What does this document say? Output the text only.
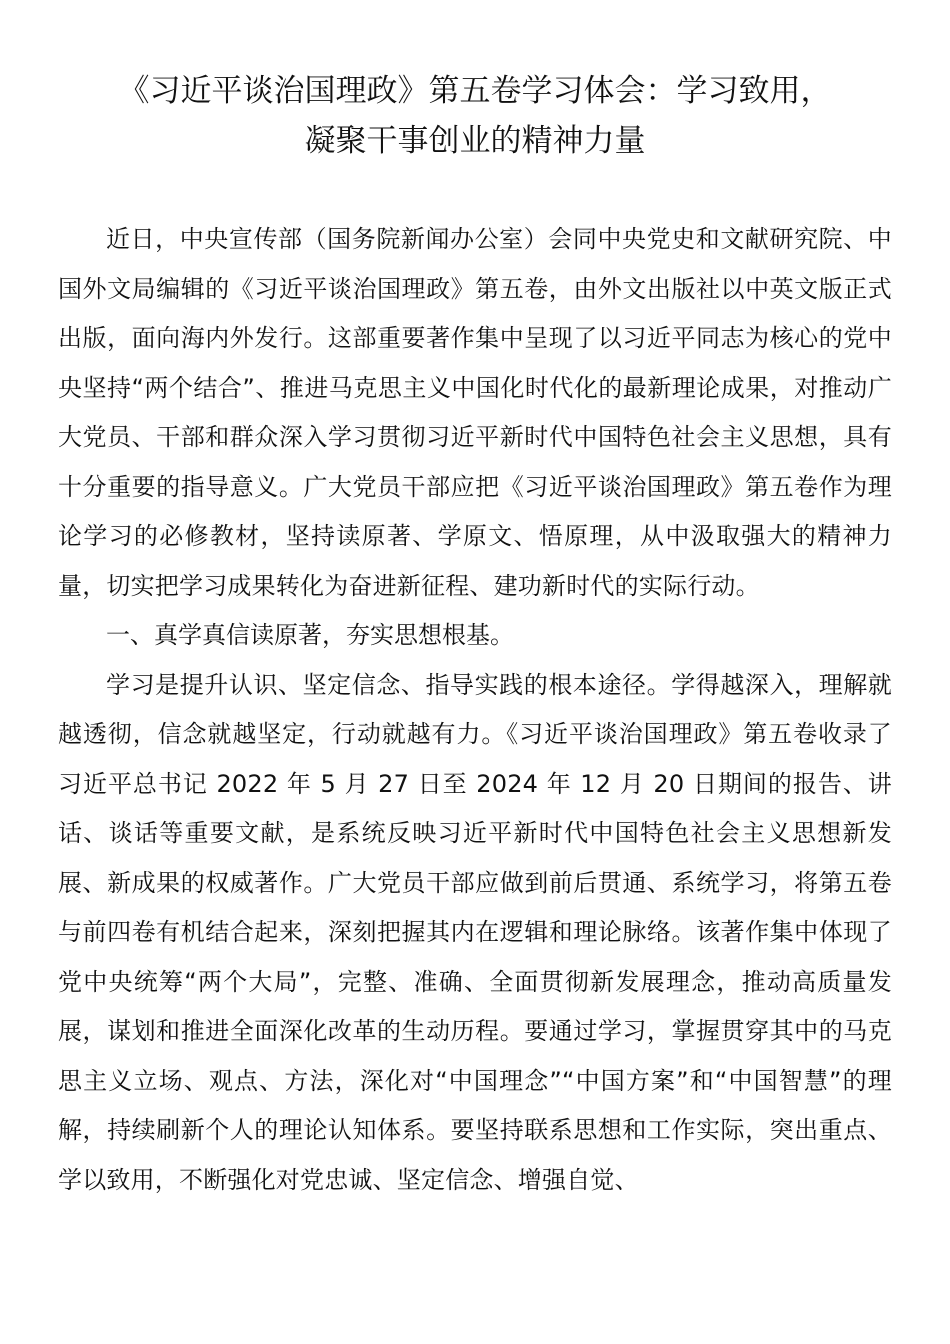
《习近平谈治国理政》第五卷学习体会：学习致用，
凝聚干事创业的精神力量

近日，中央宣传部（国务院新闻办公室）会同中央党史和文献研究院、中国外文局编辑的《习近平谈治国理政》第五卷，由外文出版社以中英文版正式出版，面向海内外发行。这部重要著作集中呈现了以习近平同志为核心的党中央坚持“两个结合”、推进马克思主义中国化时代化的最新理论成果，对推动广大党员、干部和群众深入学习贯彻习近平新时代中国特色社会主义思想，具有十分重要的指导意义。广大党员干部应把《习近平谈治国理政》第五卷作为理论学习的必修教材，坚持读原著、学原文、悟原理，从中汲取强大的精神力量，切实把学习成果转化为奋进新征程、建功新时代的实际行动。

一、真学真信读原著，夯实思想根基。

学习是提升认识、坚定信念、指导实践的根本途径。学得越深入，理解就越透彻，信念就越坚定，行动就越有力。《习近平谈治国理政》第五卷收录了习近平总书记 2022 年 5 月 27 日至 2024 年 12 月 20 日期间的报告、讲话、谈话等重要文献，是系统反映习近平新时代中国特色社会主义思想新发展、新成果的权威著作。广大党员干部应做到前后贯通、系统学习，将第五卷与前四卷有机结合起来，深刻把握其内在逻辑和理论脉络。该著作集中体现了党中央统筹“两个大局”，完整、准确、全面贯彻新发展理念，推动高质量发展，谋划和推进全面深化改革的生动历程。要通过学习，掌握贯穿其中的马克思主义立场、观点、方法，深化对“中国理念”“中国方案”和“中国智慧”的理解，持续刷新个人的理论认知体系。要坚持联系思想和工作实际，突出重点、学以致用，不断强化对党忠诚、坚定信念、增强自觉、
